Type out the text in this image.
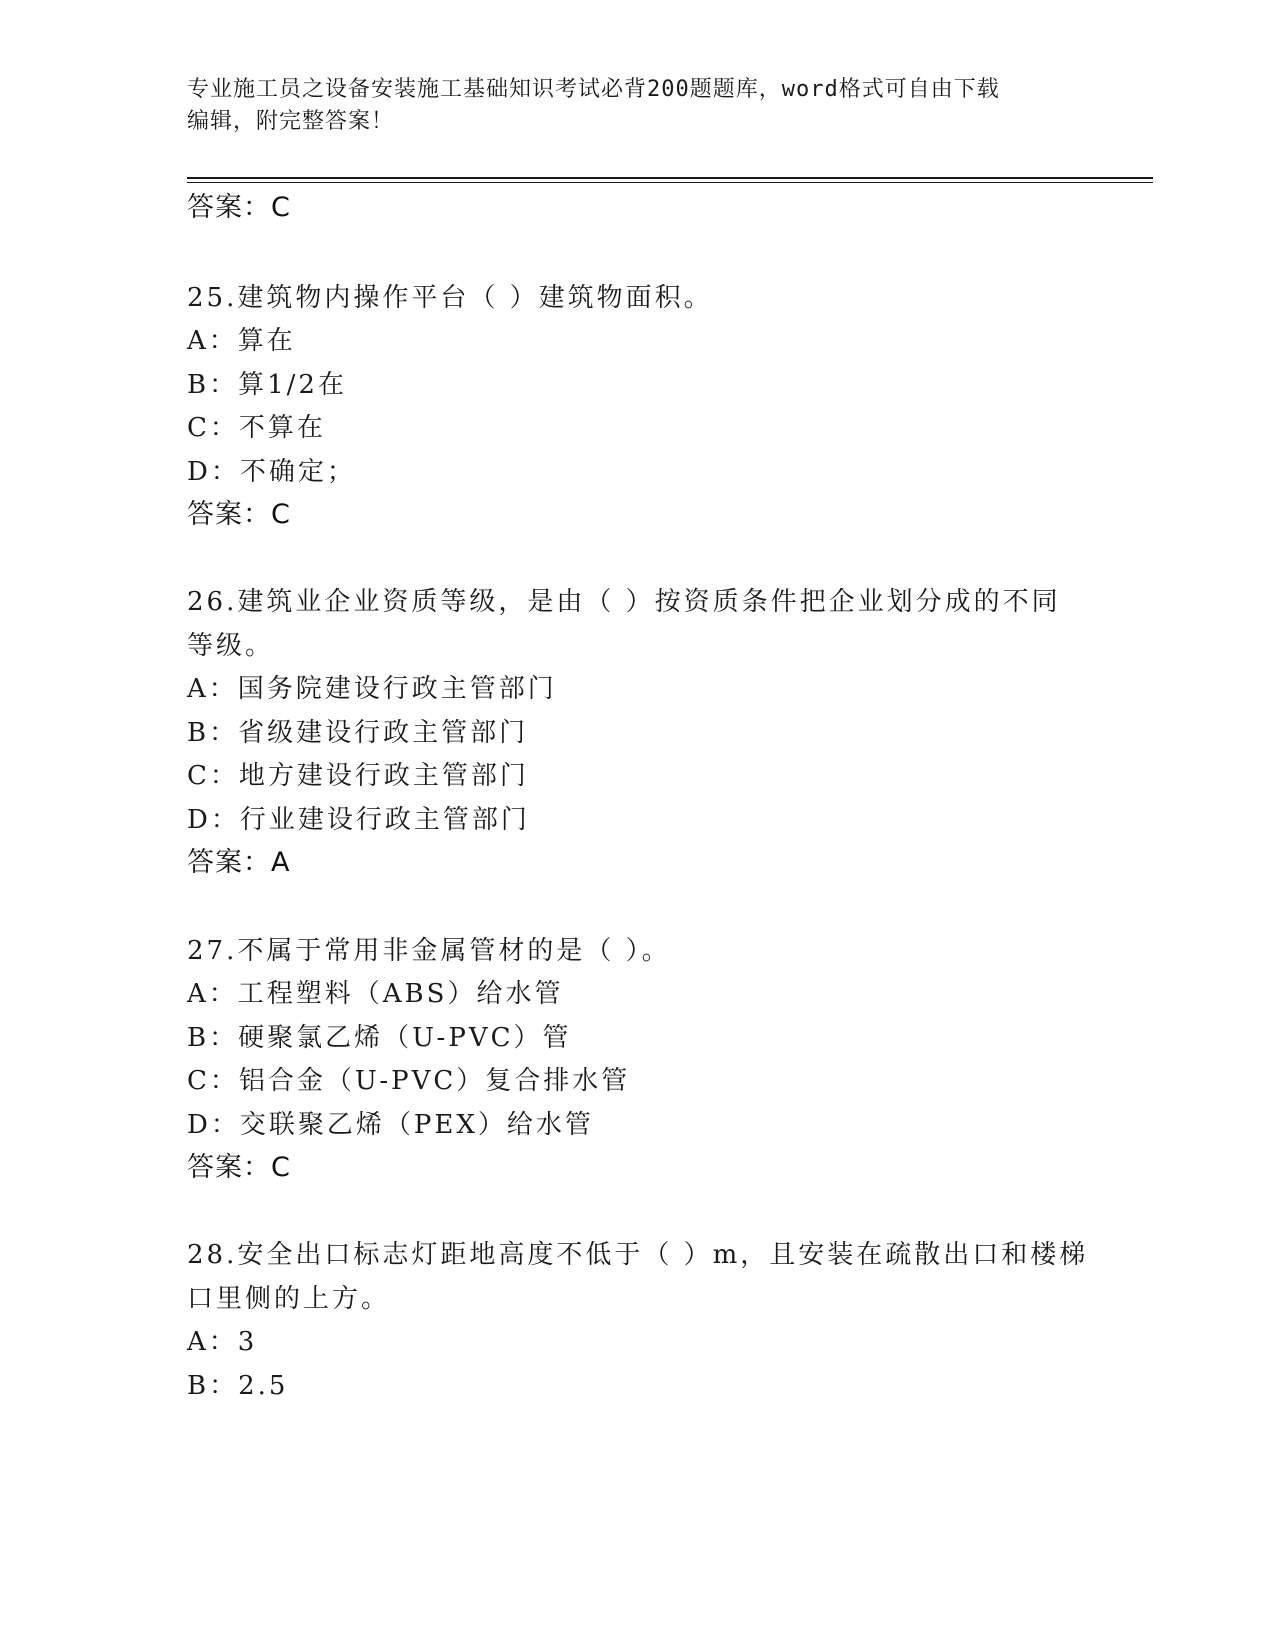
专业施工员之设备安装施工基础知识考试必背200题题库，word格式可自由下载
编辑，附完整答案！
答案：C
25.建筑物内操作平台（ ）建筑物面积。
A：算在
B：算1/2在
C：不算在
D：不确定；
答案：C
26.建筑业企业资质等级，是由（ ）按资质条件把企业划分成的不同
等级。
A：国务院建设行政主管部门
B：省级建设行政主管部门
C：地方建设行政主管部门
D：行业建设行政主管部门
答案：A
27.不属于常用非金属管材的是（ ）。
A：工程塑料（ABS）给水管
B：硬聚氯乙烯（U-PVC）管
C：铝合金（U-PVC）复合排水管
D：交联聚乙烯（PEX）给水管
答案：C
28.安全出口标志灯距地高度不低于（ ）m，且安装在疏散出口和楼梯
口里侧的上方。
A：3
B：2.5
